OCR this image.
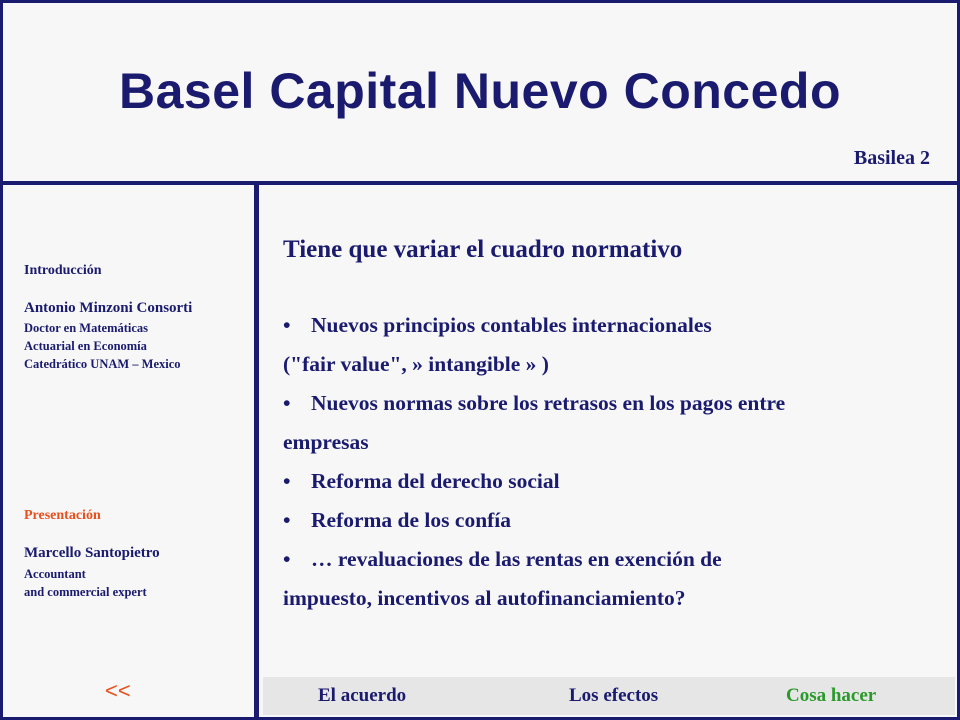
Basel Capital Nuevo Concedo
Basilea 2
Introducción
Antonio Minzoni Consorti
Doctor en Matemáticas
Actuarial en Economía
Catedrático UNAM – Mexico
Presentación
Marcello Santopietro
Accountant
and commercial expert
<<
Tiene que variar el cuadro normativo
• Nuevos principios contables internacionales
("fair value", » intangible » )
• Nuevos normas sobre los retrasos en los pagos entre
empresas
• Reforma del derecho social
• Reforma de los confía
• … revaluaciones de las rentas en exención de
impuesto, incentivos al autofinanciamiento?
El acuerdo	Los efectos	Cosa hacer
